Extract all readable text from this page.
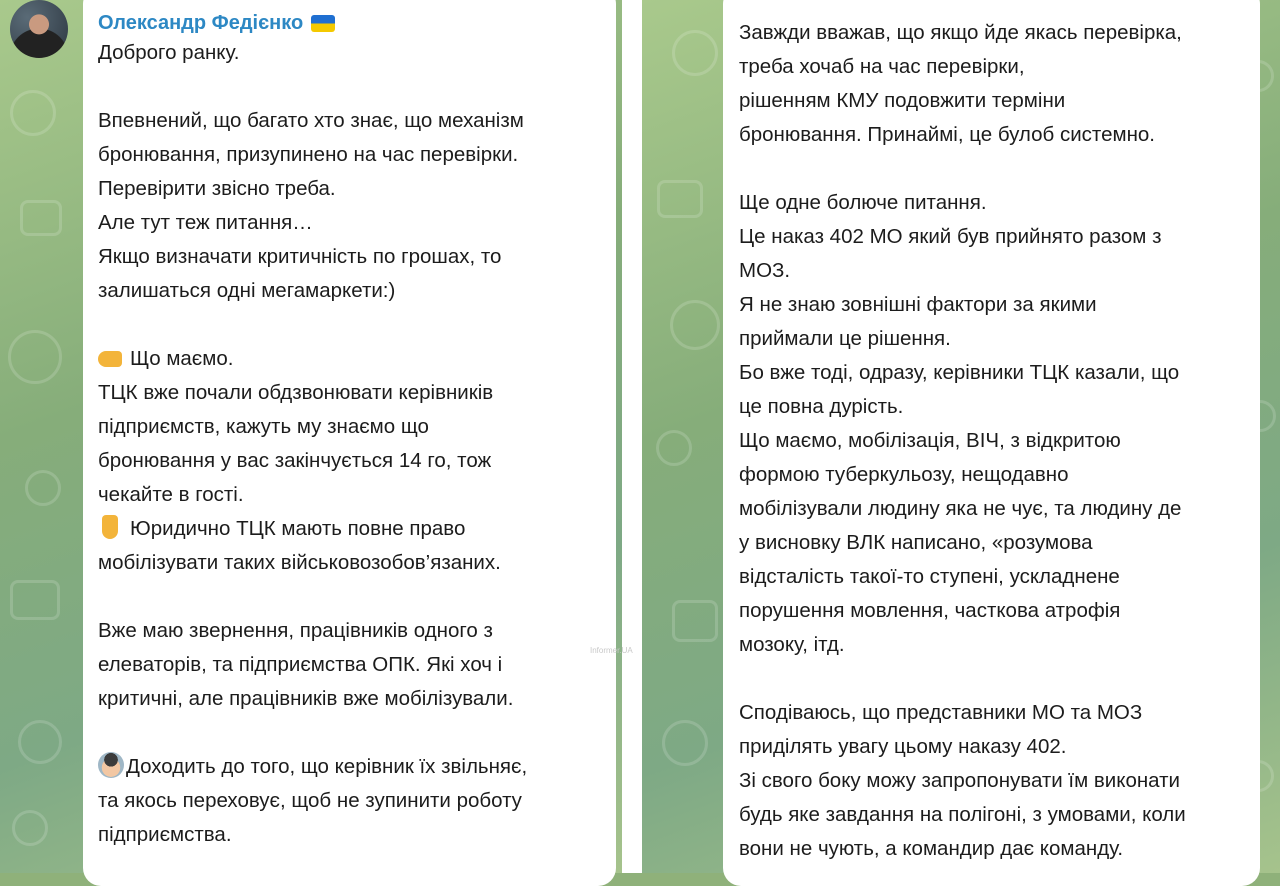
Олександр Федієнко
Доброго ранку.
Впевнений, що багато хто знає, що механізм
бронювання, призупинено на час перевірки.
Перевірити звісно треба.
Але тут теж питання…
Якщо визначати критичність по грошах, то
залишаться одні мегамаркети:)
Що маємо.
ТЦК вже почали обдзвонювати керівників
підприємств, кажуть му знаємо що
бронювання у вас закінчується 14 го, тож
чекайте в гості.
Юридично ТЦК мають повне право
мобілізувати таких військовозобов’язаних.
Вже маю звернення, працівників одного з
елеваторів, та підприємства ОПК. Які хоч і
критичні, але працівників вже мобілізували.
Доходить до того, що керівник їх звільняє,
та якось переховує, щоб не зупинити роботу
підприємства.
Informer.UA
Завжди вважав, що якщо йде якась перевірка,
треба хочаб на час перевірки,
рішенням КМУ подовжити терміни
бронювання. Принаймі, це булоб системно.
Ще одне болюче питання.
Це наказ 402 МО який був прийнято разом з
МОЗ.
Я не знаю зовнішні фактори за якими
приймали це рішення.
Бо вже тоді, одразу, керівники ТЦК казали, що
це повна дурість.
Що маємо, мобілізація, ВІЧ, з відкритою
формою туберкульозу, нещодавно
мобілізували людину яка не чує, та людину де
у висновку ВЛК написано, «розумова
відсталість такої-то ступені, ускладнене
порушення мовлення, часткова атрофія
мозоку, ітд.
Сподіваюсь, що представники МО та МОЗ
приділять увагу цьому наказу 402.
Зі свого боку можу запропонувати їм виконати
будь яке завдання на полігоні, з умовами, коли
вони не чують, а командир дає команду.
